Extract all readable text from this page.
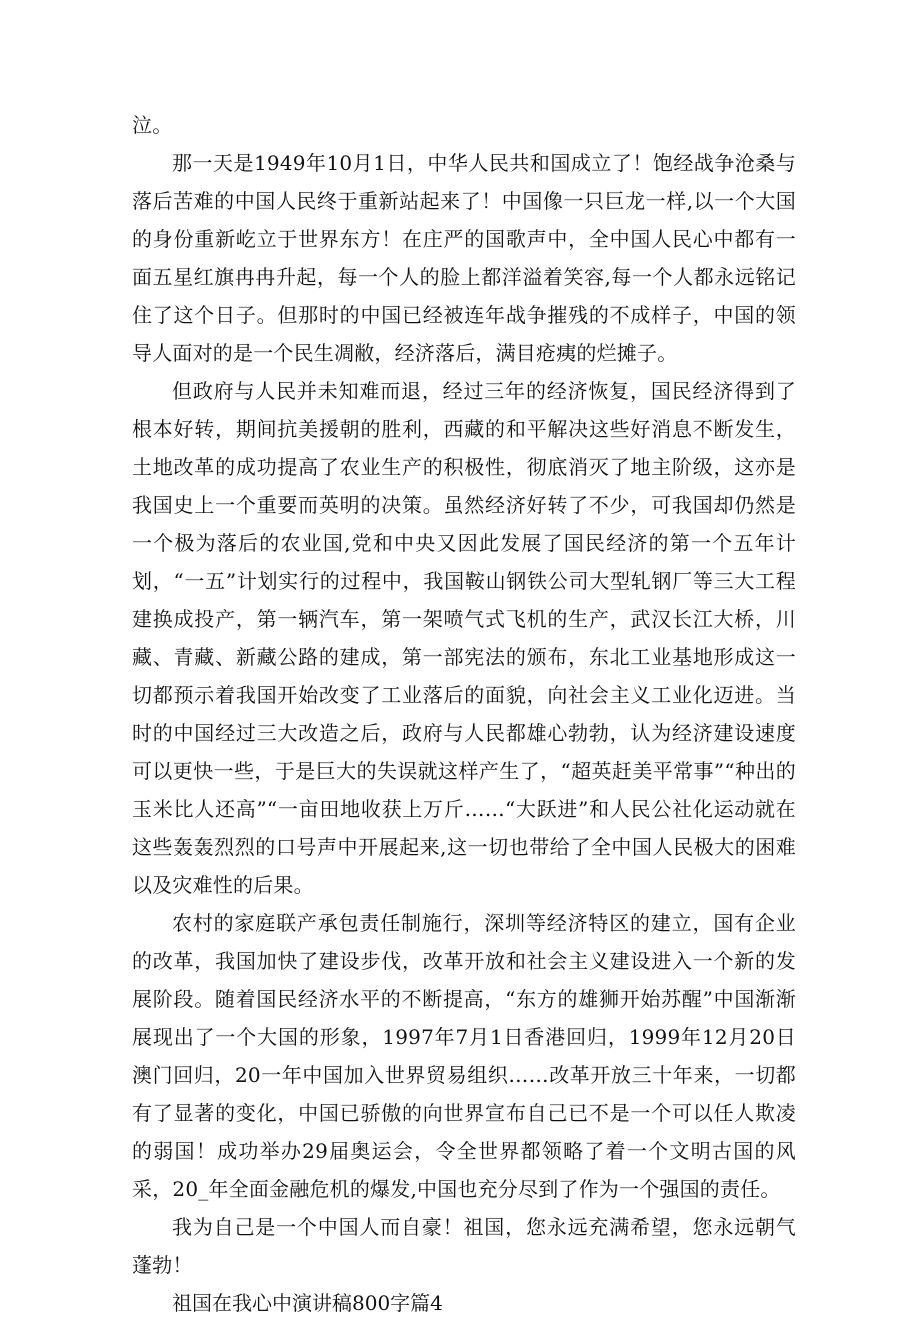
泣。

那一天是1949年10月1日，中华人民共和国成立了！饱经战争沧桑与落后苦难的中国人民终于重新站起来了！中国像一只巨龙一样,以一个大国的身份重新屹立于世界东方！在庄严的国歌声中，全中国人民心中都有一面五星红旗冉冉升起，每一个人的脸上都洋溢着笑容,每一个人都永远铭记住了这个日子。但那时的中国已经被连年战争摧残的不成样子，中国的领导人面对的是一个民生凋敝，经济落后，满目疮痍的烂摊子。

但政府与人民并未知难而退，经过三年的经济恢复，国民经济得到了根本好转，期间抗美援朝的胜利，西藏的和平解决这些好消息不断发生，土地改革的成功提高了农业生产的积极性，彻底消灭了地主阶级，这亦是我国史上一个重要而英明的决策。虽然经济好转了不少，可我国却仍然是一个极为落后的农业国,党和中央又因此发展了国民经济的第一个五年计划，“一五”计划实行的过程中，我国鞍山钢铁公司大型轧钢厂等三大工程建换成投产，第一辆汽车，第一架喷气式飞机的生产，武汉长江大桥，川藏、青藏、新藏公路的建成，第一部宪法的颁布，东北工业基地形成这一切都预示着我国开始改变了工业落后的面貌，向社会主义工业化迈进。当时的中国经过三大改造之后，政府与人民都雄心勃勃，认为经济建设速度可以更快一些，于是巨大的失误就这样产生了，“超英赶美平常事”“种出的玉米比人还高”“一亩田地收获上万斤……“大跃进”和人民公社化运动就在这些轰轰烈烈的口号声中开展起来,这一切也带给了全中国人民极大的困难以及灾难性的后果。

农村的家庭联产承包责任制施行，深圳等经济特区的建立，国有企业的改革，我国加快了建设步伐，改革开放和社会主义建设进入一个新的发展阶段。随着国民经济水平的不断提高，“东方的雄狮开始苏醒”中国渐渐展现出了一个大国的形象，1997年7月1日香港回归，1999年12月20日澳门回归，20一年中国加入世界贸易组织……改革开放三十年来，一切都有了显著的变化，中国已骄傲的向世界宣布自己已不是一个可以任人欺凌的弱国！成功举办29届奥运会，令全世界都领略了着一个文明古国的风采，20_年全面金融危机的爆发,中国也充分尽到了作为一个强国的责任。

我为自己是一个中国人而自豪！祖国，您永远充满希望，您永远朝气蓬勃！

祖国在我心中演讲稿800字篇4
